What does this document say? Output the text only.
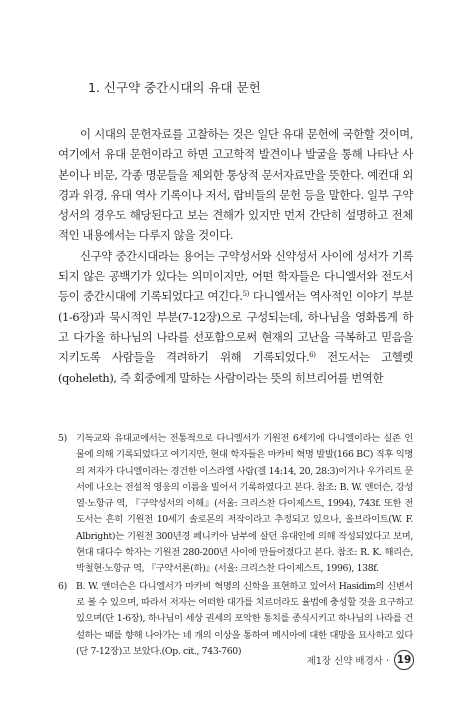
1. 신구약 중간시대의 유대 문헌

이 시대의 문헌자료를 고찰하는 것은 일단 유대 문헌에 국한할 것이며, 여기에서 유대 문헌이라고 하면 고고학적 발견이나 발굴을 통해 나타난 사본이나 비문, 각종 명문들을 제외한 통상적 문서자료만을 뜻한다. 예컨대 외경과 위경, 유대 역사 기록이나 저서, 랍비들의 문헌 등을 말한다. 일부 구약성서의 경우도 해당된다고 보는 견해가 있지만 먼저 간단히 설명하고 전체적인 내용에서는 다루지 않을 것이다.

신구약 중간시대라는 용어는 구약성서와 신약성서 사이에 성서가 기록되지 않은 공백기가 있다는 의미이지만, 어떤 학자들은 다니엘서와 전도서 등이 중간시대에 기록되었다고 여긴다.$^{5)}$ 다니엘서는 역사적인 이야기 부분(1-6장)과 묵시적인 부분(7-12장)으로 구성되는데, 하나님을 영화롭게 하고 다가올 하나님의 나라를 선포함으로써 현재의 고난을 극복하고 믿음을 지키도록 사람들을 격려하기 위해 기록되었다.$^{6)}$ 전도서는 고헬렛(qoheleth), 즉 회중에게 말하는 사람이라는 뜻의 히브리어를 번역한

5) 기독교와 유대교에서는 전통적으로 다니엘서가 기원전 6세기에 다니엘이라는 실존 인물에 의해 기록되었다고 여기지만, 현대 학자들은 마카비 혁명 발발(166 BC) 직후 익명의 저자가 다니엘이라는 경건한 이스라엘 사람(겔 14:14, 20, 28:3)이거나 우가리트 문서에 나오는 전설적 영웅의 이름을 빌어서 기록하였다고 본다. 참조: B. W. 앤더슨, 강성열·노항규 역, 『구약성서의 이해』(서울: 크리스찬 다이제스트, 1994), 743f. 또한 전도서는 흔히 기원전 10세기 솔로몬의 저작이라고 추정되고 있으나, 올브라이트(W. F. Albright)는 기원전 300년경 페니키아 남부에 살던 유대인에 의해 작성되었다고 보며, 현대 대다수 학자는 기원전 280-200년 사이에 만들어졌다고 본다. 참조: R. K. 해리슨, 박철현·노항규 역, 『구약서론(하)』(서울: 크리스찬 다이제스트, 1996), 138f.
6) B. W. 앤더슨은 다니엘서가 마카비 혁명의 신학을 표현하고 있어서 Hasidim의 신변서로 볼 수 있으며, 따라서 저자는 어떠한 대가를 치르더라도 율법에 충성할 것을 요구하고 있으며(단 1-6장), 하나님이 세상 권세의 포악한 통치를 종식시키고 하나님의 나라를 건설하는 때를 향해 나아가는 네 개의 이상을 통하여 메시아에 대한 대망을 묘사하고 있다(단 7-12장)고 보았다.(Op. cit., 743-760)
제1장 신약 배경사 · 19
